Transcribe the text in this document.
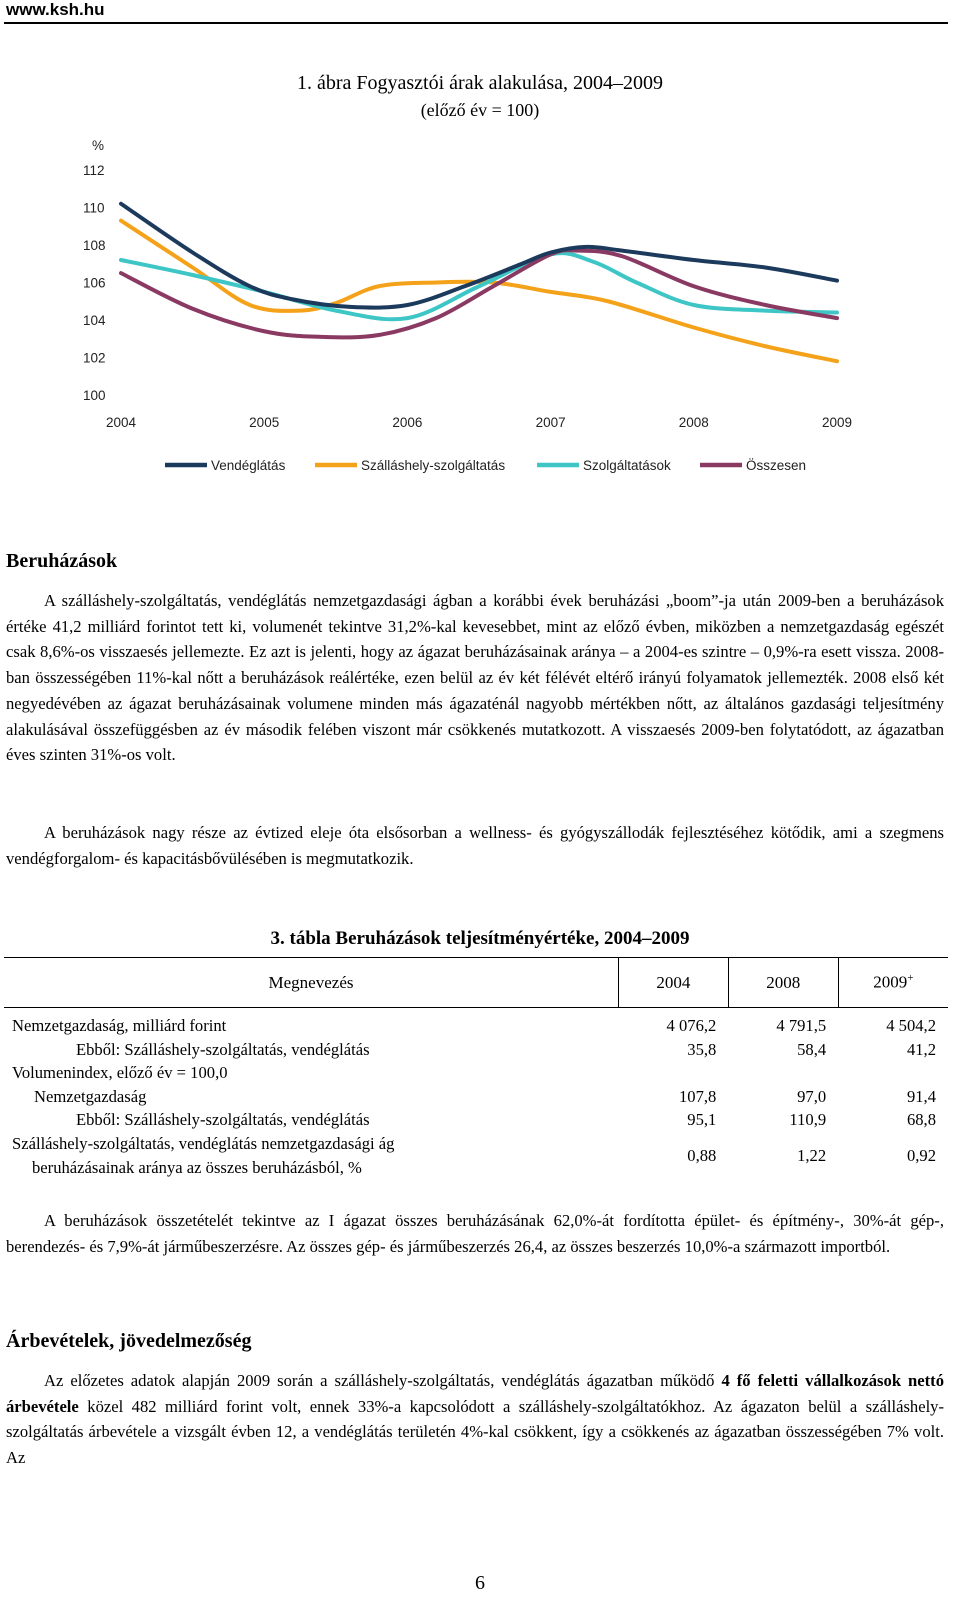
www.ksh.hu
1. ábra Fogyasztói árak alakulása, 2004–2009
(előző év = 100)
%
112
110
108
106
104
102
100
2004	2005	2006	2007	2008	2009
Vendéglátás	Szálláshely-szolgáltatás	Szolgáltatások	Összesen
Beruházások

A szálláshely-szolgáltatás, vendéglátás nemzetgazdasági ágban a korábbi évek beruházási „boom”-ja után 2009-ben a beruházások értéke 41,2 milliárd forintot tett ki, volumenét tekintve 31,2%-kal kevesebbet, mint az előző évben, miközben a nemzetgazdaság egészét csak 8,6%-os visszaesés jellemezte. Ez azt is jelenti, hogy az ágazat beruházásainak aránya – a 2004-es szintre – 0,9%-ra esett vissza. 2008-ban összességében 11%-kal nőtt a beruházások reálértéke, ezen belül az év két félévét eltérő irányú folyamatok jellemezték. 2008 első két negyedévében az ágazat beruházásainak volumene minden más ágazaténál nagyobb mértékben nőtt, az általános gazdasági teljesítmény alakulásával összefüggésben az év második felében viszont már csökkenés mutatkozott. A visszaesés 2009-ben folytatódott, az ágazatban éves szinten 31%-os volt.

A beruházások nagy része az évtized eleje óta elsősorban a wellness- és gyógyszállodák fejlesztéséhez kötődik, ami a szegmens vendégforgalom- és kapacitásbővülésében is megmutatkozik.

3. tábla Beruházások teljesítményértéke, 2004–2009
Megnevezés	2004	2008	2009+
Nemzetgazdaság, milliárd forint	4 076,2	4 791,5	4 504,2
Ebből: Szálláshely-szolgáltatás, vendéglátás	35,8	58,4	41,2
Volumenindex, előző év = 100,0			
Nemzetgazdaság	107,8	97,0	91,4
Ebből: Szálláshely-szolgáltatás, vendéglátás	95,1	110,9	68,8

Szálláshely-szolgáltatás, vendéglátás nemzetgazdasági ág
beruházásainak aránya az összes beruházásból, %	0,88	1,22	0,92

A beruházások összetételét tekintve az I ágazat összes beruházásának 62,0%-át fordította épület- és építmény-, 30%-át gép-, berendezés- és 7,9%-át járműbeszerzésre. Az összes gép- és járműbeszerzés 26,4, az összes beszerzés 10,0%-a származott importból.

Árbevételek, jövedelmezőség

Az előzetes adatok alapján 2009 során a szálláshely-szolgáltatás, vendéglátás ágazatban működő 4 fő feletti vállalkozások nettó árbevétele közel 482 milliárd forint volt, ennek 33%-a kapcsolódott a szálláshely-szolgáltatókhoz. Az ágazaton belül a szálláshely-szolgáltatás árbevétele a vizsgált évben 12, a vendéglátás területén 4%-kal csökkent, így a csökkenés az ágazatban összességében 7% volt. Az

6
